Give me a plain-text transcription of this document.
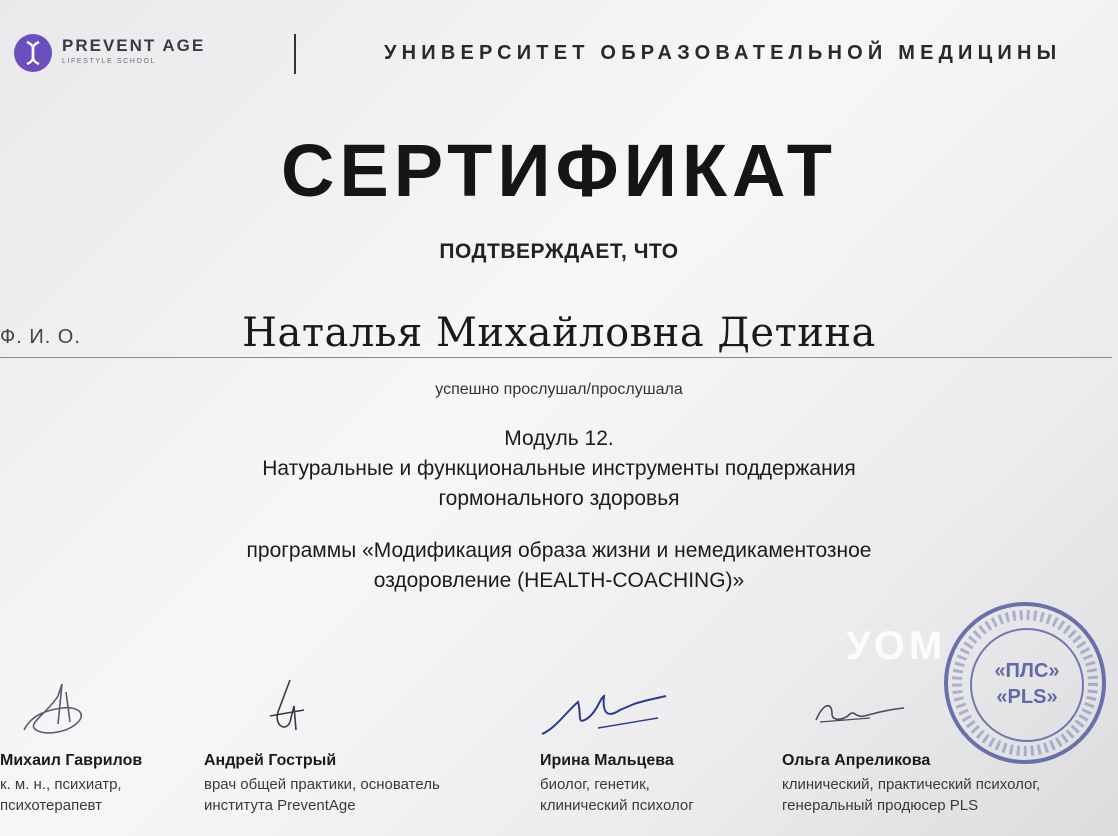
PREVENT AGE
LIFESTYLE SCHOOL	УНИВЕРСИТЕТ ОБРАЗОВАТЕЛЬНОЙ МЕДИЦИНЫ
СЕРТИФИКАТ
ПОДТВЕРЖДАЕТ, ЧТО
Ф. И. О.	Наталья Михайловна Детина
успешно прослушал/прослушала
Модуль 12.
Натуральные и функциональные инструменты поддержания
гормонального здоровья
программы «Модификация образа жизни и немедикаментозное
оздоровление (HEALTH-COACHING)»
УОМ
«ПЛС»
«PLS»
Михаил Гаврилов
к. м. н., психиатр,
психотерапевт
Андрей Гострый
врач общей практики, основатель
института PreventAge
Ирина Мальцева
биолог, генетик,
клинический психолог
Ольга Апреликова
клинический, практический психолог,
генеральный продюсер PLS
